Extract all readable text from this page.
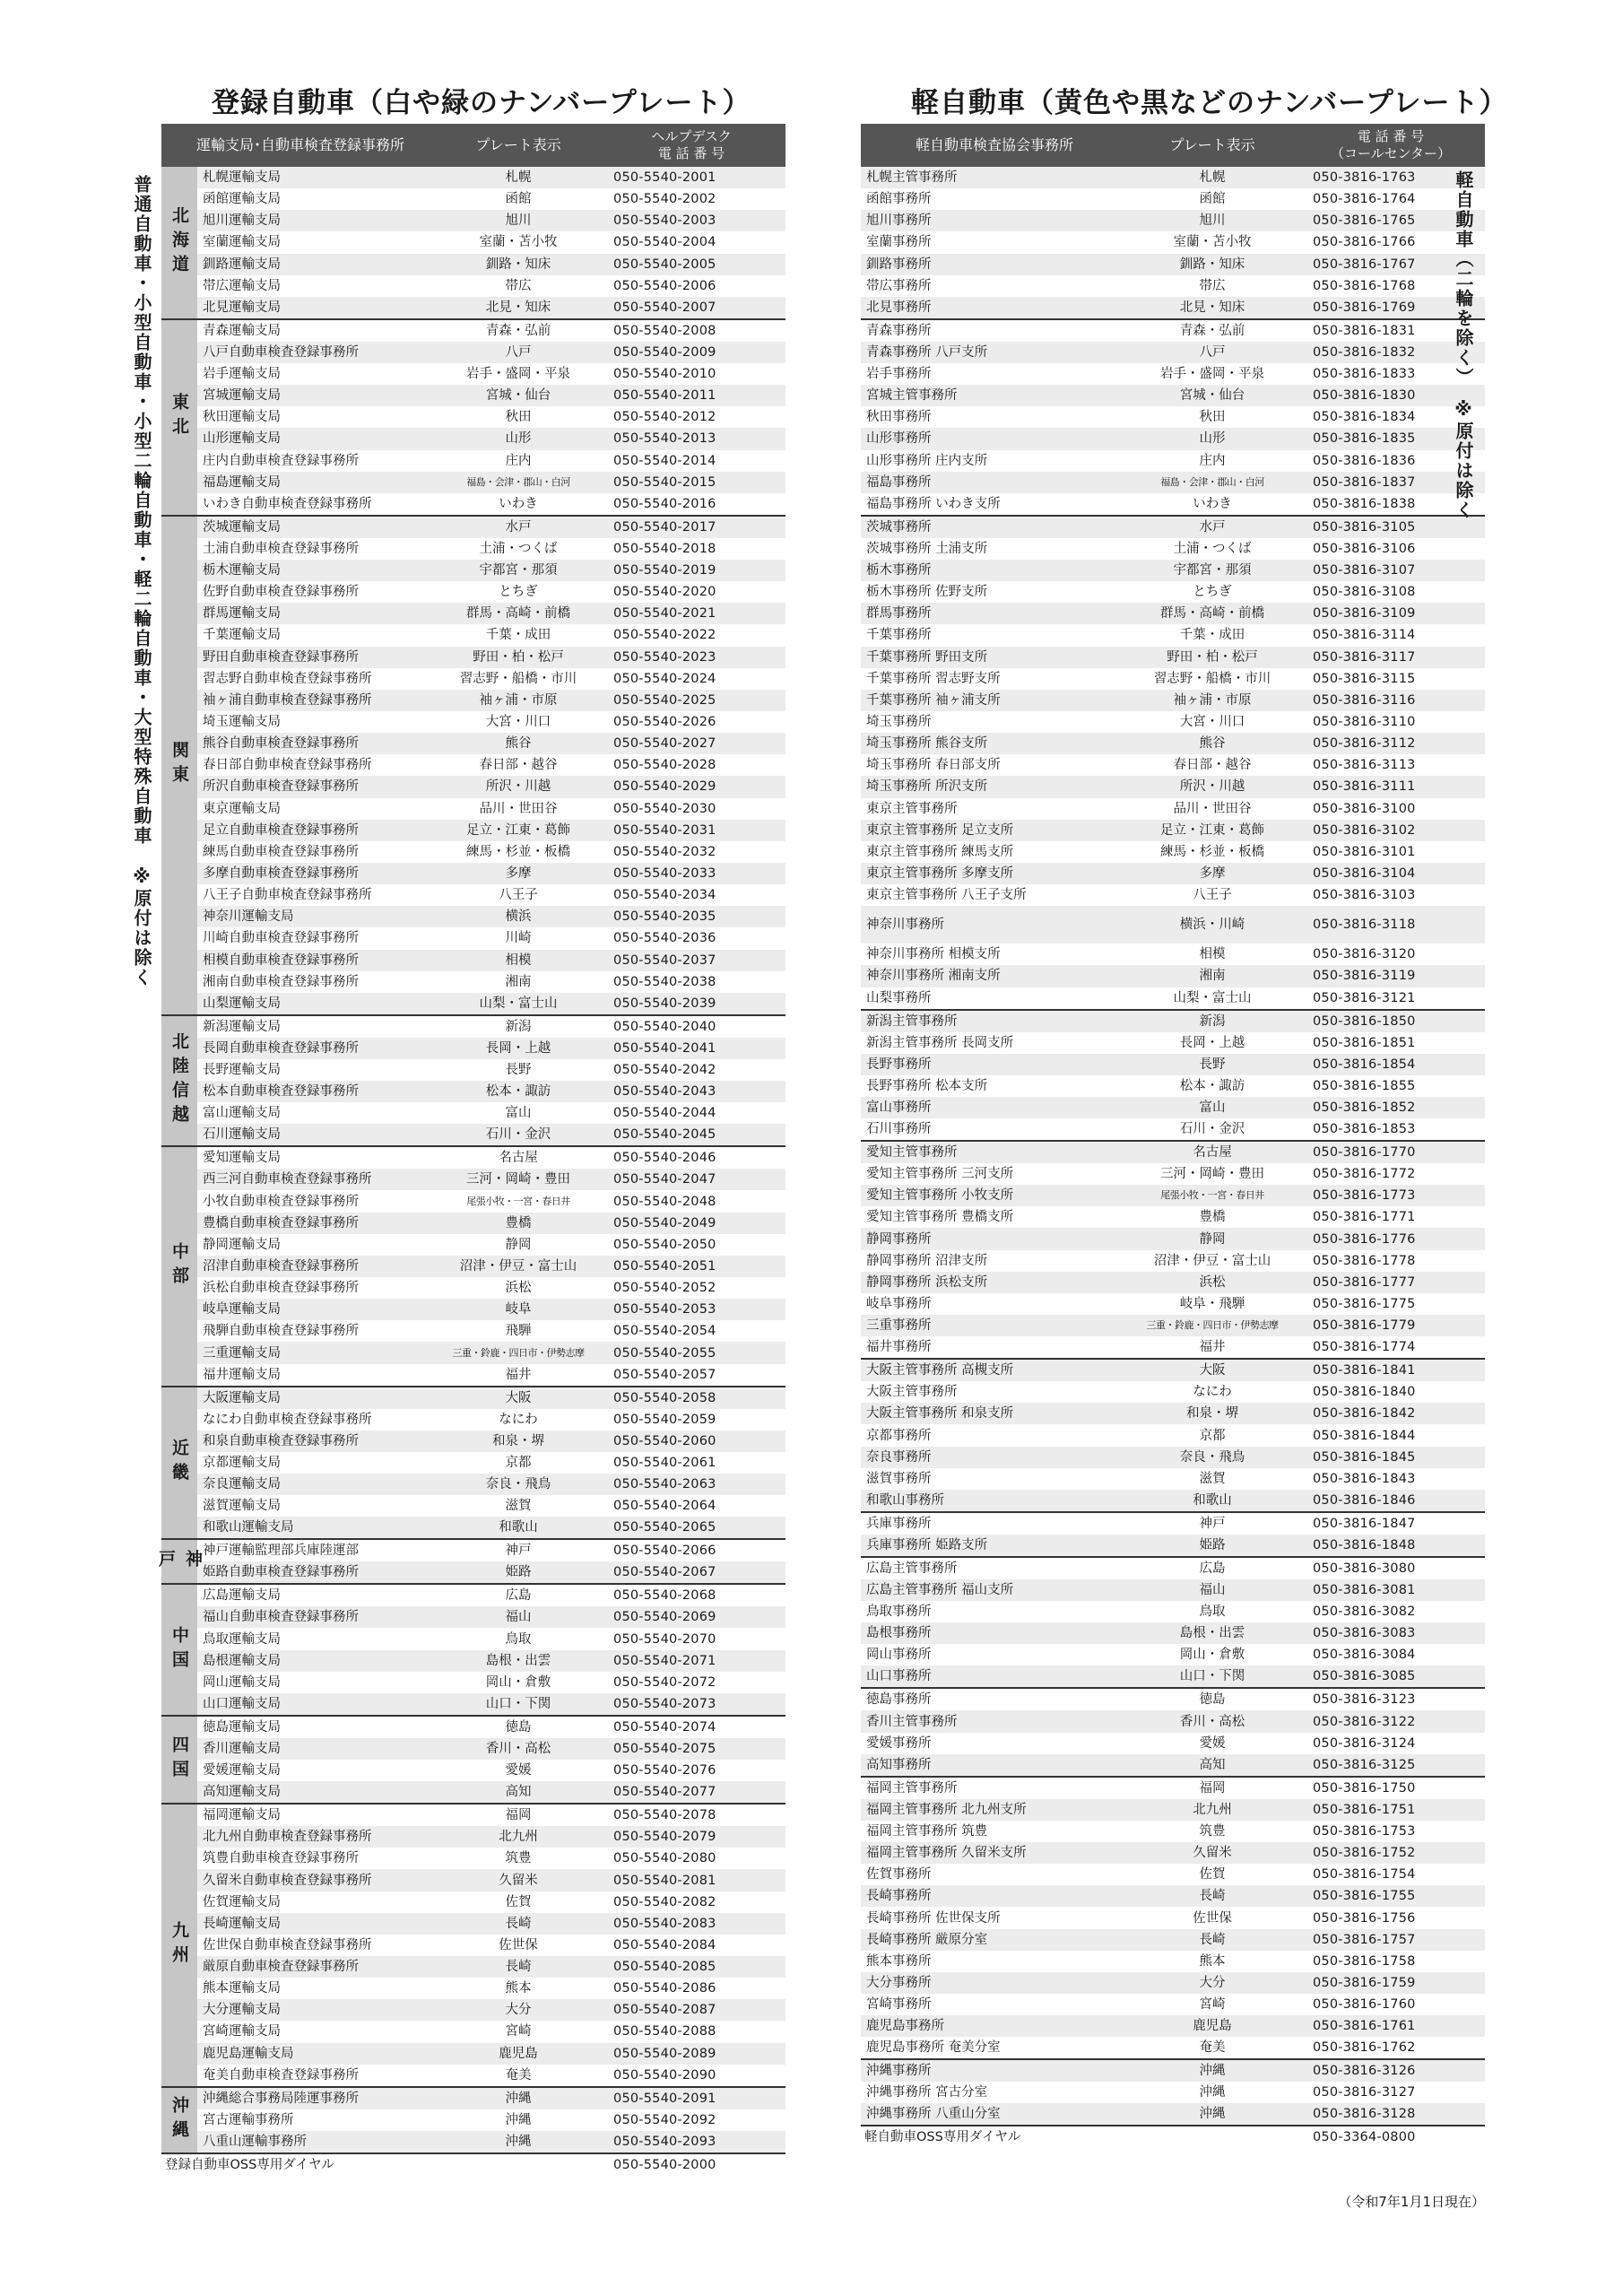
登録自動車（白や緑のナンバープレート）
運輸支局･自動車検査登録事務所		プレート表示	ヘルプデスク
電 話 番 号
北海道	札幌運輸支局	札幌	050-5540-2001
	函館運輸支局	函館	050-5540-2002
	旭川運輸支局	旭川	050-5540-2003
	室蘭運輸支局	室蘭・苫小牧	050-5540-2004
	釧路運輸支局	釧路・知床	050-5540-2005
	帯広運輸支局	帯広	050-5540-2006
	北見運輸支局	北見・知床	050-5540-2007
東北	青森運輸支局	青森・弘前	050-5540-2008
	八戸自動車検査登録事務所	八戸	050-5540-2009
	岩手運輸支局	岩手・盛岡・平泉	050-5540-2010
	宮城運輸支局	宮城・仙台	050-5540-2011
	秋田運輸支局	秋田	050-5540-2012
	山形運輸支局	山形	050-5540-2013
	庄内自動車検査登録事務所	庄内	050-5540-2014
	福島運輸支局	福島・会津・郡山・白河	050-5540-2015
	いわき自動車検査登録事務所	いわき	050-5540-2016
関東	茨城運輸支局	水戸	050-5540-2017
	土浦自動車検査登録事務所	土浦・つくば	050-5540-2018
	栃木運輸支局	宇都宮・那須	050-5540-2019
	佐野自動車検査登録事務所	とちぎ	050-5540-2020
	群馬運輸支局	群馬・高崎・前橋	050-5540-2021
	千葉運輸支局	千葉・成田	050-5540-2022
	野田自動車検査登録事務所	野田・柏・松戸	050-5540-2023
	習志野自動車検査登録事務所	習志野・船橋・市川	050-5540-2024
	袖ヶ浦自動車検査登録事務所	袖ヶ浦・市原	050-5540-2025
	埼玉運輸支局	大宮・川口	050-5540-2026
	熊谷自動車検査登録事務所	熊谷	050-5540-2027
	春日部自動車検査登録事務所	春日部・越谷	050-5540-2028
	所沢自動車検査登録事務所	所沢・川越	050-5540-2029
	東京運輸支局	品川・世田谷	050-5540-2030
	足立自動車検査登録事務所	足立・江東・葛飾	050-5540-2031
	練馬自動車検査登録事務所	練馬・杉並・板橋	050-5540-2032
	多摩自動車検査登録事務所	多摩	050-5540-2033
	八王子自動車検査登録事務所	八王子	050-5540-2034
	神奈川運輸支局	横浜	050-5540-2035
	川崎自動車検査登録事務所	川崎	050-5540-2036
	相模自動車検査登録事務所	相模	050-5540-2037
	湘南自動車検査登録事務所	湘南	050-5540-2038
	山梨運輸支局	山梨・富士山	050-5540-2039
北陸信越	新潟運輸支局	新潟	050-5540-2040
	長岡自動車検査登録事務所	長岡・上越	050-5540-2041
	長野運輸支局	長野	050-5540-2042
	松本自動車検査登録事務所	松本・諏訪	050-5540-2043
	富山運輸支局	富山	050-5540-2044
	石川運輸支局	石川・金沢	050-5540-2045
中部	愛知運輸支局	名古屋	050-5540-2046
	西三河自動車検査登録事務所	三河・岡崎・豊田	050-5540-2047
	小牧自動車検査登録事務所	尾張小牧・一宮・春日井	050-5540-2048
	豊橋自動車検査登録事務所	豊橋	050-5540-2049
	静岡運輸支局	静岡	050-5540-2050
	沼津自動車検査登録事務所	沼津・伊豆・富士山	050-5540-2051
	浜松自動車検査登録事務所	浜松	050-5540-2052
	岐阜運輸支局	岐阜	050-5540-2053
	飛騨自動車検査登録事務所	飛騨	050-5540-2054
	三重運輸支局	三重・鈴鹿・四日市・伊勢志摩	050-5540-2055
	福井運輸支局	福井	050-5540-2057
近畿	大阪運輸支局	大阪	050-5540-2058
	なにわ自動車検査登録事務所	なにわ	050-5540-2059
	和泉自動車検査登録事務所	和泉・堺	050-5540-2060
	京都運輸支局	京都	050-5540-2061
	奈良運輸支局	奈良・飛鳥	050-5540-2063
	滋賀運輸支局	滋賀	050-5540-2064
	和歌山運輸支局	和歌山	050-5540-2065
神戸	神戸運輸監理部兵庫陸運部	神戸	050-5540-2066
	姫路自動車検査登録事務所	姫路	050-5540-2067
中国	広島運輸支局	広島	050-5540-2068
	福山自動車検査登録事務所	福山	050-5540-2069
	鳥取運輸支局	鳥取	050-5540-2070
	島根運輸支局	島根・出雲	050-5540-2071
	岡山運輸支局	岡山・倉敷	050-5540-2072
	山口運輸支局	山口・下関	050-5540-2073
四国	徳島運輸支局	徳島	050-5540-2074
	香川運輸支局	香川・高松	050-5540-2075
	愛媛運輸支局	愛媛	050-5540-2076
	高知運輸支局	高知	050-5540-2077
九州	福岡運輸支局	福岡	050-5540-2078
	北九州自動車検査登録事務所	北九州	050-5540-2079
	筑豊自動車検査登録事務所	筑豊	050-5540-2080
	久留米自動車検査登録事務所	久留米	050-5540-2081
	佐賀運輸支局	佐賀	050-5540-2082
	長崎運輸支局	長崎	050-5540-2083
	佐世保自動車検査登録事務所	佐世保	050-5540-2084
	厳原自動車検査登録事務所	長崎	050-5540-2085
	熊本運輸支局	熊本	050-5540-2086
	大分運輸支局	大分	050-5540-2087
	宮崎運輸支局	宮崎	050-5540-2088
	鹿児島運輸支局	鹿児島	050-5540-2089
	奄美自動車検査登録事務所	奄美	050-5540-2090
沖縄	沖縄総合事務局陸運事務所	沖縄	050-5540-2091
	宮古運輸事務所	沖縄	050-5540-2092
	八重山運輸事務所	沖縄	050-5540-2093
登録自動車OSS専用ダイヤル			050-5540-2000
軽自動車（黄色や黒などのナンバープレート）
軽自動車検査協会事務所	プレート表示	電 話 番 号
（コールセンター）
札幌主管事務所	札幌	050-3816-1763
函館事務所	函館	050-3816-1764
旭川事務所	旭川	050-3816-1765
室蘭事務所	室蘭・苫小牧	050-3816-1766
釧路事務所	釧路・知床	050-3816-1767
帯広事務所	帯広	050-3816-1768
北見事務所	北見・知床	050-3816-1769
青森事務所	青森・弘前	050-3816-1831
青森事務所 八戸支所	八戸	050-3816-1832
岩手事務所	岩手・盛岡・平泉	050-3816-1833
宮城主管事務所	宮城・仙台	050-3816-1830
秋田事務所	秋田	050-3816-1834
山形事務所	山形	050-3816-1835
山形事務所 庄内支所	庄内	050-3816-1836
福島事務所	福島・会津・郡山・白河	050-3816-1837
福島事務所 いわき支所	いわき	050-3816-1838
茨城事務所	水戸	050-3816-3105
茨城事務所 土浦支所	土浦・つくば	050-3816-3106
栃木事務所	宇都宮・那須	050-3816-3107
栃木事務所 佐野支所	とちぎ	050-3816-3108
群馬事務所	群馬・高崎・前橋	050-3816-3109
千葉事務所	千葉・成田	050-3816-3114
千葉事務所 野田支所	野田・柏・松戸	050-3816-3117
千葉事務所 習志野支所	習志野・船橋・市川	050-3816-3115
千葉事務所 袖ヶ浦支所	袖ヶ浦・市原	050-3816-3116
埼玉事務所	大宮・川口	050-3816-3110
埼玉事務所 熊谷支所	熊谷	050-3816-3112
埼玉事務所 春日部支所	春日部・越谷	050-3816-3113
埼玉事務所 所沢支所	所沢・川越	050-3816-3111
東京主管事務所	品川・世田谷	050-3816-3100
東京主管事務所 足立支所	足立・江東・葛飾	050-3816-3102
東京主管事務所 練馬支所	練馬・杉並・板橋	050-3816-3101
東京主管事務所 多摩支所	多摩	050-3816-3104
東京主管事務所 八王子支所	八王子	050-3816-3103
神奈川事務所	横浜・川崎	050-3816-3118
神奈川事務所 相模支所	相模	050-3816-3120
神奈川事務所 湘南支所	湘南	050-3816-3119
山梨事務所	山梨・富士山	050-3816-3121
新潟主管事務所	新潟	050-3816-1850
新潟主管事務所 長岡支所	長岡・上越	050-3816-1851
長野事務所	長野	050-3816-1854
長野事務所 松本支所	松本・諏訪	050-3816-1855
富山事務所	富山	050-3816-1852
石川事務所	石川・金沢	050-3816-1853
愛知主管事務所	名古屋	050-3816-1770
愛知主管事務所 三河支所	三河・岡崎・豊田	050-3816-1772
愛知主管事務所 小牧支所	尾張小牧・一宮・春日井	050-3816-1773
愛知主管事務所 豊橋支所	豊橋	050-3816-1771
静岡事務所	静岡	050-3816-1776
静岡事務所 沼津支所	沼津・伊豆・富士山	050-3816-1778
静岡事務所 浜松支所	浜松	050-3816-1777
岐阜事務所	岐阜・飛騨	050-3816-1775
三重事務所	三重・鈴鹿・四日市・伊勢志摩	050-3816-1779
福井事務所	福井	050-3816-1774
大阪主管事務所 高槻支所	大阪	050-3816-1841
大阪主管事務所	なにわ	050-3816-1840
大阪主管事務所 和泉支所	和泉・堺	050-3816-1842
京都事務所	京都	050-3816-1844
奈良事務所	奈良・飛鳥	050-3816-1845
滋賀事務所	滋賀	050-3816-1843
和歌山事務所	和歌山	050-3816-1846
兵庫事務所	神戸	050-3816-1847
兵庫事務所 姫路支所	姫路	050-3816-1848
広島主管事務所	広島	050-3816-3080
広島主管事務所 福山支所	福山	050-3816-3081
鳥取事務所	鳥取	050-3816-3082
島根事務所	島根・出雲	050-3816-3083
岡山事務所	岡山・倉敷	050-3816-3084
山口事務所	山口・下関	050-3816-3085
徳島事務所	徳島	050-3816-3123
香川主管事務所	香川・高松	050-3816-3122
愛媛事務所	愛媛	050-3816-3124
高知事務所	高知	050-3816-3125
福岡主管事務所	福岡	050-3816-1750
福岡主管事務所 北九州支所	北九州	050-3816-1751
福岡主管事務所 筑豊	筑豊	050-3816-1753
福岡主管事務所 久留米支所	久留米	050-3816-1752
佐賀事務所	佐賀	050-3816-1754
長崎事務所	長崎	050-3816-1755
長崎事務所 佐世保支所	佐世保	050-3816-1756
長崎事務所 厳原分室	長崎	050-3816-1757
熊本事務所	熊本	050-3816-1758
大分事務所	大分	050-3816-1759
宮崎事務所	宮崎	050-3816-1760
鹿児島事務所	鹿児島	050-3816-1761
鹿児島事務所 奄美分室	奄美	050-3816-1762
沖縄事務所	沖縄	050-3816-3126
沖縄事務所 宮古分室	沖縄	050-3816-3127
沖縄事務所 八重山分室	沖縄	050-3816-3128
軽自動車OSS専用ダイヤル		050-3364-0800
普通自動車・小型自動車・小型二輪自動車・軽二輪自動車・大型特殊自動車　※原付は除く	軽自動車（二輪を除く）　※原付は除く
（令和7年1月1日現在）
